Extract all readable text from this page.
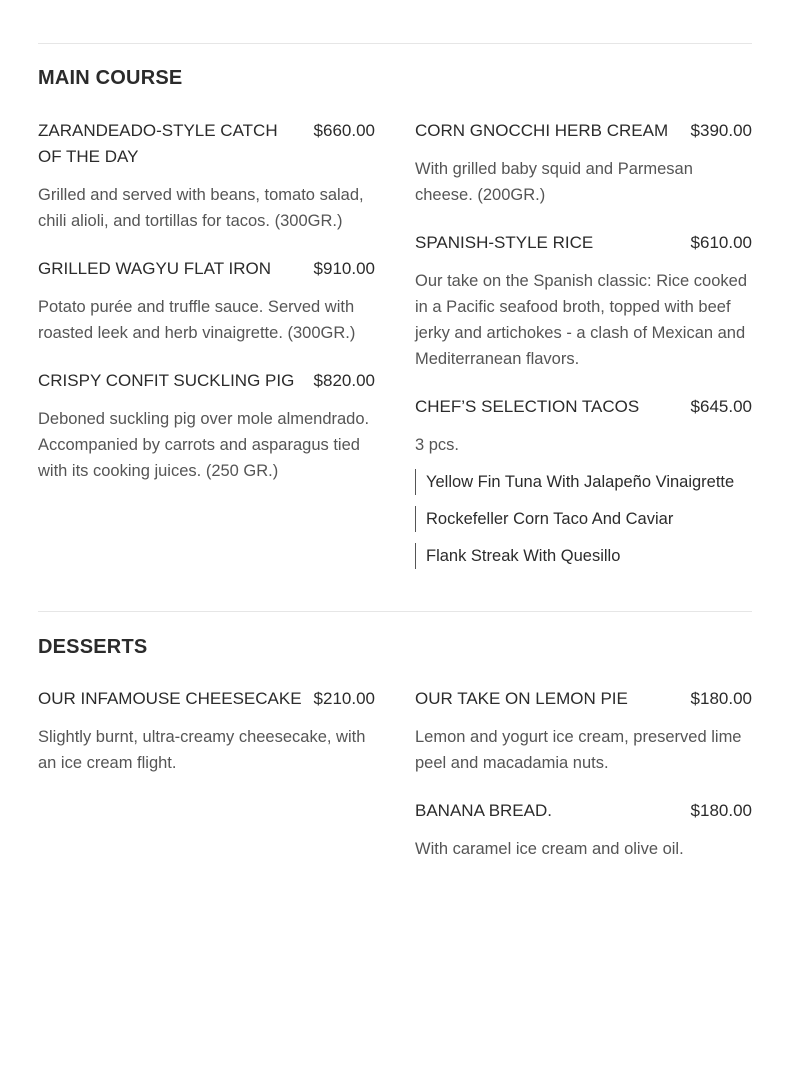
MAIN COURSE
ZARANDEADO-STYLE CATCH OF THE DAY
$660.00
Grilled and served with beans, tomato salad, chili alioli, and tortillas for tacos. (300GR.)
GRILLED WAGYU FLAT IRON	$910.00
Potato purée and truffle sauce. Served with roasted leek and herb vinaigrette. (300GR.)
CRISPY CONFIT SUCKLING PIG	$820.00
Deboned suckling pig over mole almendrado. Accompanied by carrots and asparagus tied with its cooking juices. (250 GR.)
CORN GNOCCHI HERB CREAM	$390.00
With grilled baby squid and Parmesan cheese. (200GR.)
SPANISH-STYLE RICE	$610.00
Our take on the Spanish classic: Rice cooked in a Pacific seafood broth, topped with beef jerky and artichokes - a clash of Mexican and Mediterranean flavors.
CHEF’S SELECTION TACOS	$645.00
3 pcs.
Yellow Fin Tuna With Jalapeño Vinaigrette
Rockefeller Corn Taco And Caviar
Flank Streak With Quesillo
DESSERTS
OUR INFAMOUSE CHEESECAKE $210.00
Slightly burnt, ultra-creamy cheesecake, with an ice cream flight.
OUR TAKE ON LEMON PIE	$180.00
Lemon and yogurt ice cream, preserved lime peel and macadamia nuts.
BANANA BREAD.	$180.00
With caramel ice cream and olive oil.
